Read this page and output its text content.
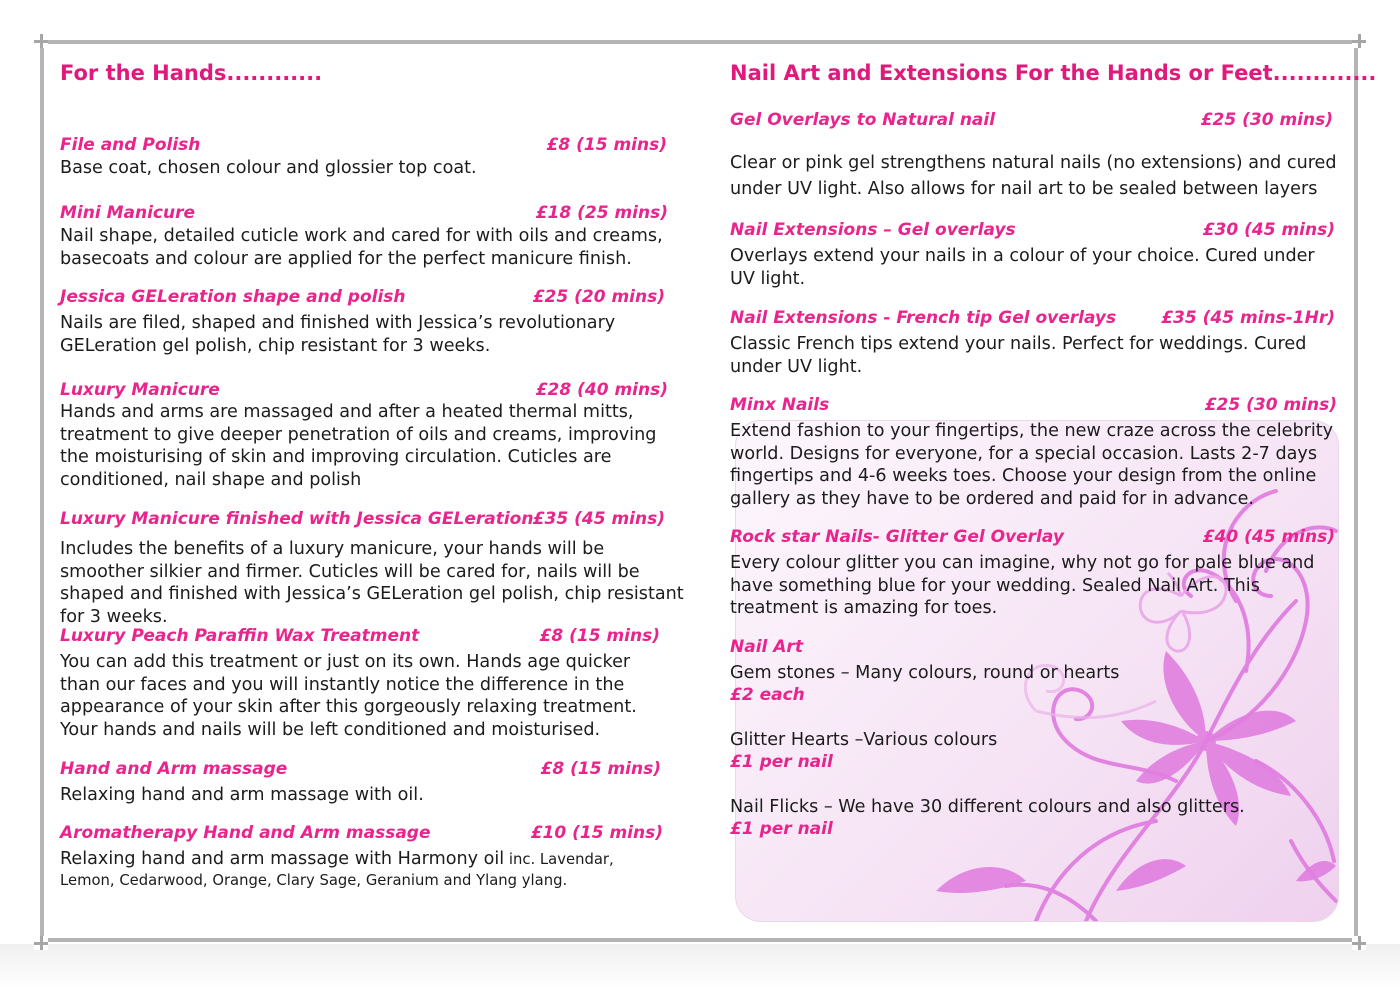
For the Hands............

File and Polish	£8 (15 mins)

Base coat, chosen colour and glossier top coat.

Mini Manicure	£18 (25 mins)

Nail shape, detailed cuticle work and cared for with oils and creams, basecoats and colour are applied for the perfect manicure finish.

Jessica GELeration shape and polish	£25 (20 mins)

Nails are filed, shaped and finished with Jessica’s revolutionary GELeration gel polish, chip resistant for 3 weeks.

Luxury Manicure	£28 (40 mins)

Hands and arms are massaged and after a heated thermal mitts, treatment to give deeper penetration of oils and creams, improving the moisturising of skin and improving circulation. Cuticles are conditioned, nail shape and polish

Luxury Manicure finished with Jessica GELeration £35 (45 mins)

Includes the benefits of a luxury manicure, your hands will be smoother silkier and firmer. Cuticles will be cared for, nails will be shaped and finished with Jessica’s GELeration gel polish, chip resistant for 3 weeks.

Luxury Peach Paraffin Wax Treatment	£8 (15 mins)

You can add this treatment or just on its own. Hands age quicker than our faces and you will instantly notice the difference in the appearance of your skin after this gorgeously relaxing treatment. Your hands and nails will be left conditioned and moisturised.

Hand and Arm massage	£8 (15 mins)

Relaxing hand and arm massage with oil.

Aromatherapy Hand and Arm massage	£10 (15 mins)

Relaxing hand and arm massage with Harmony oil inc. Lavendar,

Lemon, Cedarwood, Orange, Clary Sage, Geranium and Ylang ylang.

Nail Art and Extensions For the Hands or Feet.............

Gel Overlays to Natural nail	£25 (30 mins)

Clear or pink gel strengthens natural nails (no extensions) and cured under UV light. Also allows for nail art to be sealed between layers

Nail Extensions – Gel overlays	£30 (45 mins)

Overlays extend your nails in a colour of your choice. Cured under UV light.

Nail Extensions - French tip Gel overlays	£35 (45 mins-1Hr)

Classic French tips extend your nails. Perfect for weddings. Cured under UV light.

Minx Nails	£25 (30 mins)

Extend fashion to your fingertips, the new craze across the celebrity world. Designs for everyone, for a special occasion. Lasts 2-7 days fingertips and 4-6 weeks toes. Choose your design from the online gallery as they have to be ordered and paid for in advance.

Rock star Nails- Glitter Gel Overlay	£40 (45 mins)

Every colour glitter you can imagine, why not go for pale blue and have something blue for your wedding. Sealed Nail Art. This treatment is amazing for toes.

Nail Art

Gem stones – Many colours, round or hearts

£2 each

Glitter Hearts –Various colours

£1 per nail

Nail Flicks – We have 30 different colours and also glitters.

£1 per nail
